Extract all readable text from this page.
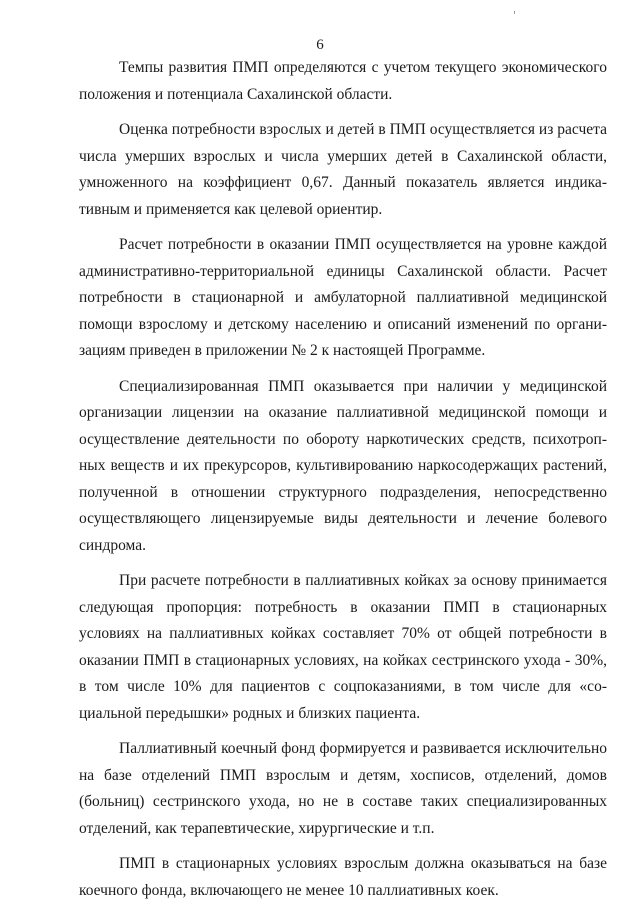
6

Темпы развития ПМП определяются с учетом текущего экономического положения и потенциала Сахалинской области.

Оценка потребности взрослых и детей в ПМП осуществляется из расчета числа умерших взрослых и числа умерших детей в Сахалинской области, умноженного на коэффициент 0,67. Данный показатель является индикативным и применяется как целевой ориентир.

Расчет потребности в оказании ПМП осуществляется на уровне каждой административно-территориальной единицы Сахалинской области. Расчет потребности в стационарной и амбулаторной паллиативной медицинской помощи взрослому и детскому населению и описаний изменений по организациям приведен в приложении № 2 к настоящей Программе.

Специализированная ПМП оказывается при наличии у медицинской организации лицензии на оказание паллиативной медицинской помощи и осуществление деятельности по обороту наркотических средств, психотропных веществ и их прекурсоров, культивированию наркосодержащих растений, полученной в отношении структурного подразделения, непосредственно осуществляющего лицензируемые виды деятельности и лечение болевого синдрома.

При расчете потребности в паллиативных койках за основу принимается следующая пропорция: потребность в оказании ПМП в стационарных условиях на паллиативных койках составляет 70% от общей потребности в оказании ПМП в стационарных условиях, на койках сестринского ухода - 30%, в том числе 10% для пациентов с соцпоказаниями, в том числе для «социальной передышки» родных и близких пациента.

Паллиативный коечный фонд формируется и развивается исключительно на базе отделений ПМП взрослым и детям, хосписов, отделений, домов (больниц) сестринского ухода, но не в составе таких специализированных отделений, как терапевтические, хирургические и т.п.

ПМП в стационарных условиях взрослым должна оказываться на базе коечного фонда, включающего не менее 10 паллиативных коек.
